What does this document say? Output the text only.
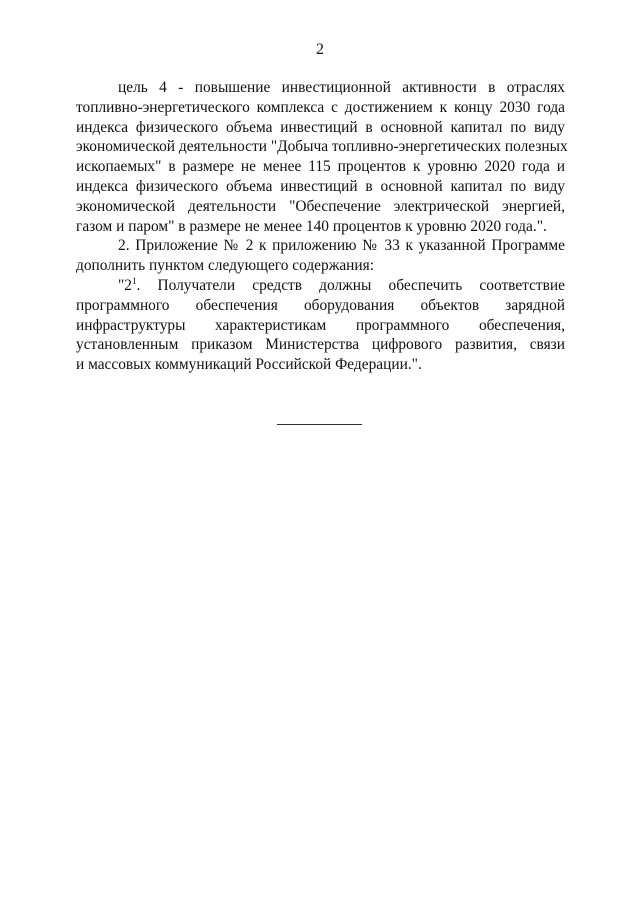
2

цель 4 - повышение инвестиционной активности в отраслях
топливно-энергетического комплекса с достижением к концу 2030 года
индекса физического объема инвестиций в основной капитал по виду
экономической деятельности "Добыча топливно-энергетических полезных
ископаемых" в размере не менее 115 процентов к уровню 2020 года и
индекса физического объема инвестиций в основной капитал по виду
экономической деятельности "Обеспечение электрической энергией,
газом и паром" в размере не менее 140 процентов к уровню 2020 года.".

2. Приложение № 2 к приложению № 33 к указанной Программе
дополнить пунктом следующего содержания:

"$2^1$. Получатели средств должны обеспечить соответствие
программного обеспечения оборудования объектов зарядной
инфраструктуры характеристикам программного обеспечения,
установленным приказом Министерства цифрового развития, связи
и массовых коммуникаций Российской Федерации.".
